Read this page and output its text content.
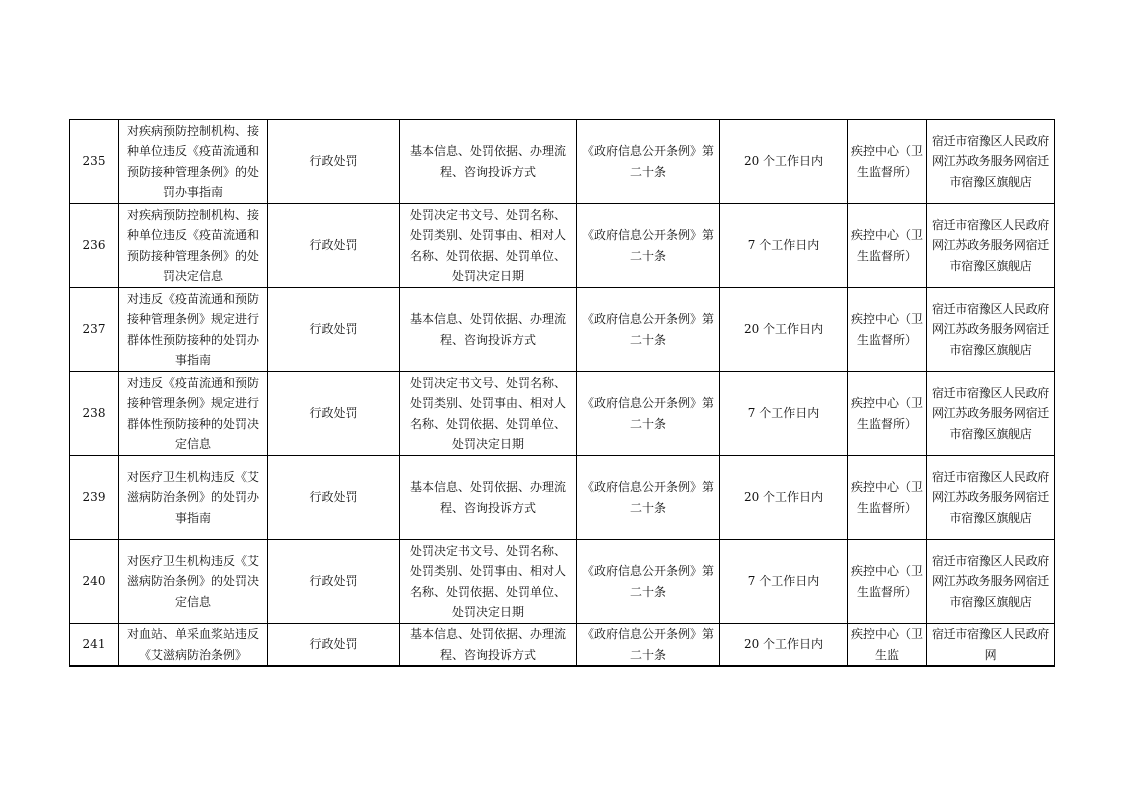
235	对疾病预防控制机构、接种单位违反《疫苗流通和预防接种管理条例》的处罚办事指南	行政处罚	基本信息、处罚依据、办理流程、咨询投诉方式	《政府信息公开条例》第二十条	20 个工作日内	疾控中心（卫生监督所）	宿迁市宿豫区人民政府网江苏政务服务网宿迁市宿豫区旗舰店
236	对疾病预防控制机构、接种单位违反《疫苗流通和预防接种管理条例》的处罚决定信息	行政处罚	处罚决定书文号、处罚名称、处罚类别、处罚事由、相对人名称、处罚依据、处罚单位、处罚决定日期	《政府信息公开条例》第二十条	7 个工作日内	疾控中心（卫生监督所）	宿迁市宿豫区人民政府网江苏政务服务网宿迁市宿豫区旗舰店
237	对违反《疫苗流通和预防接种管理条例》规定进行群体性预防接种的处罚办事指南	行政处罚	基本信息、处罚依据、办理流程、咨询投诉方式	《政府信息公开条例》第二十条	20 个工作日内	疾控中心（卫生监督所）	宿迁市宿豫区人民政府网江苏政务服务网宿迁市宿豫区旗舰店
238	对违反《疫苗流通和预防接种管理条例》规定进行群体性预防接种的处罚决定信息	行政处罚	处罚决定书文号、处罚名称、处罚类别、处罚事由、相对人名称、处罚依据、处罚单位、处罚决定日期	《政府信息公开条例》第二十条	7 个工作日内	疾控中心（卫生监督所）	宿迁市宿豫区人民政府网江苏政务服务网宿迁市宿豫区旗舰店
239	对医疗卫生机构违反《艾滋病防治条例》的处罚办事指南	行政处罚	基本信息、处罚依据、办理流程、咨询投诉方式	《政府信息公开条例》第二十条	20 个工作日内	疾控中心（卫生监督所）	宿迁市宿豫区人民政府网江苏政务服务网宿迁市宿豫区旗舰店
240	对医疗卫生机构违反《艾滋病防治条例》的处罚决定信息	行政处罚	处罚决定书文号、处罚名称、处罚类别、处罚事由、相对人名称、处罚依据、处罚单位、处罚决定日期	《政府信息公开条例》第二十条	7 个工作日内	疾控中心（卫生监督所）	宿迁市宿豫区人民政府网江苏政务服务网宿迁市宿豫区旗舰店
241	对血站、单采血浆站违反《艾滋病防治条例》	行政处罚	基本信息、处罚依据、办理流程、咨询投诉方式	《政府信息公开条例》第二十条	20 个工作日内	疾控中心（卫生监	宿迁市宿豫区人民政府网
